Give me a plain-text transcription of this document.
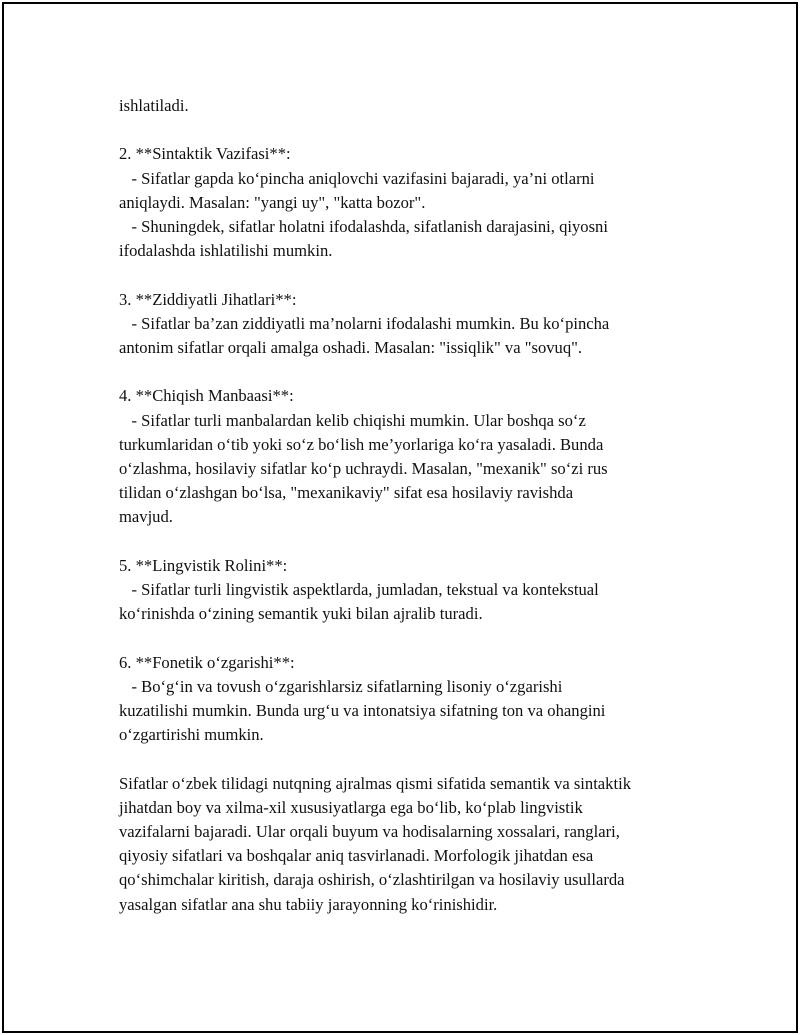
ishlatiladi.

2. **Sintaktik Vazifasi**:
- Sifatlar gapda ko‘pincha aniqlovchi vazifasini bajaradi, ya’ni otlarni
aniqlaydi. Masalan: "yangi uy", "katta bozor".
- Shuningdek, sifatlar holatni ifodalashda, sifatlanish darajasini, qiyosni
ifodalashda ishlatilishi mumkin.

3. **Ziddiyatli Jihatlari**:
- Sifatlar ba’zan ziddiyatli ma’nolarni ifodalashi mumkin. Bu ko‘pincha
antonim sifatlar orqali amalga oshadi. Masalan: "issiqlik" va "sovuq".

4. **Chiqish Manbaasi**:
- Sifatlar turli manbalardan kelib chiqishi mumkin. Ular boshqa so‘z
turkumlaridan o‘tib yoki so‘z bo‘lish me’yorlariga ko‘ra yasaladi. Bunda
o‘zlashma, hosilaviy sifatlar ko‘p uchraydi. Masalan, "mexanik" so‘zi rus
tilidan o‘zlashgan bo‘lsa, "mexanikaviy" sifat esa hosilaviy ravishda
mavjud.

5. **Lingvistik Rolini**:
- Sifatlar turli lingvistik aspektlarda, jumladan, tekstual va kontekstual
ko‘rinishda o‘zining semantik yuki bilan ajralib turadi.

6. **Fonetik o‘zgarishi**:
- Bo‘g‘in va tovush o‘zgarishlarsiz sifatlarning lisoniy o‘zgarishi
kuzatilishi mumkin. Bunda urg‘u va intonatsiya sifatning ton va ohangini
o‘zgartirishi mumkin.

Sifatlar o‘zbek tilidagi nutqning ajralmas qismi sifatida semantik va sintaktik
jihatdan boy va xilma-xil xususiyatlarga ega bo‘lib, ko‘plab lingvistik
vazifalarni bajaradi. Ular orqali buyum va hodisalarning xossalari, ranglari,
qiyosiy sifatlari va boshqalar aniq tasvirlanadi. Morfologik jihatdan esa
qo‘shimchalar kiritish, daraja oshirish, o‘zlashtirilgan va hosilaviy usullarda
yasalgan sifatlar ana shu tabiiy jarayonning ko‘rinishidir.
